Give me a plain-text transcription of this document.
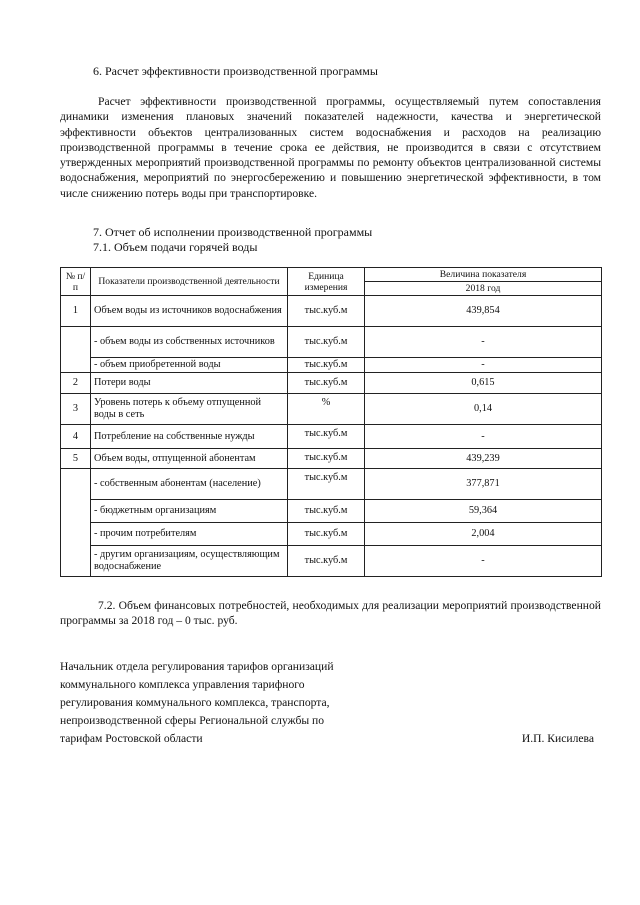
6. Расчет эффективности производственной программы
Расчет эффективности производственной программы, осуществляемый путем сопоставления динамики изменения плановых значений показателей надежности, качества и энергетической эффективности объектов централизованных систем водоснабжения и расходов на реализацию производственной программы в течение срока ее действия, не производится в связи с отсутствием утвержденных мероприятий производственной программы по ремонту объектов централизованной системы водоснабжения, мероприятий по энергосбережению и повышению энергетической эффективности, в том числе снижению потерь воды при транспортировке.
7. Отчет об исполнении производственной программы
7.1. Объем подачи горячей воды
№ п/п	Показатели производственной деятельности	Единица измерения	Величина показателя
			2018 год
1	Объем воды из источников водоснабжения	тыс.куб.м	439,854
	- объем воды из собственных источников	тыс.куб.м	-
	- объем приобретенной воды	тыс.куб.м	-
2	Потери воды	тыс.куб.м	0,615
3	Уровень потерь к объему отпущенной воды в сеть	%	0,14
4	Потребление на собственные нужды	тыс.куб.м	-
5	Объем воды, отпущенной абонентам	тыс.куб.м	439,239
	- собственным абонентам (население)	тыс.куб.м	377,871
	- бюджетным организациям	тыс.куб.м	59,364
	- прочим потребителям	тыс.куб.м	2,004
	- другим организациям, осуществляющим водоснабжение	тыс.куб.м	-
7.2. Объем финансовых потребностей, необходимых для реализации мероприятий производственной программы за 2018 год – 0 тыс. руб.
Начальник отдела регулирования тарифов организаций
коммунального комплекса управления тарифного
регулирования коммунального комплекса, транспорта,
непроизводственной сферы Региональной службы по
тарифам Ростовской области	И.П. Кисилева
